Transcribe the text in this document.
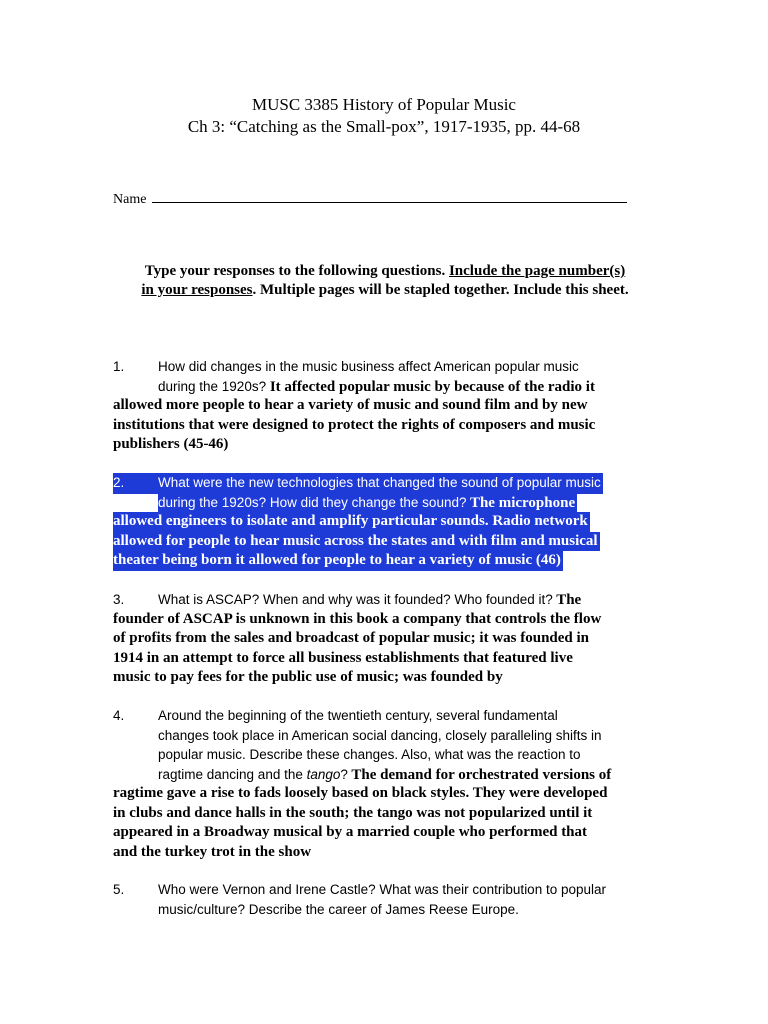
MUSC 3385 History of Popular Music
Ch 3: “Catching as the Small-pox”, 1917-1935, pp. 44-68
Name
Type your responses to the following questions. Include the page number(s)
in your responses. Multiple pages will be stapled together. Include this sheet.
1. How did changes in the music business affect American popular music
during the 1920s? It affected popular music by because of the radio it
allowed more people to hear a variety of music and sound film and by new
institutions that were designed to protect the rights of composers and music
publishers (45-46)
2. What were the new technologies that changed the sound of popular music
during the 1920s? How did they change the sound? The microphone
allowed engineers to isolate and amplify particular sounds. Radio network
allowed for people to hear music across the states and with film and musical
theater being born it allowed for people to hear a variety of music (46)
3. What is ASCAP? When and why was it founded? Who founded it? The
founder of ASCAP is unknown in this book a company that controls the flow
of profits from the sales and broadcast of popular music; it was founded in
1914 in an attempt to force all business establishments that featured live
music to pay fees for the public use of music; was founded by
4. Around the beginning of the twentieth century, several fundamental
changes took place in American social dancing, closely paralleling shifts in
popular music. Describe these changes. Also, what was the reaction to
ragtime dancing and the tango? The demand for orchestrated versions of
ragtime gave a rise to fads loosely based on black styles. They were developed
in clubs and dance halls in the south; the tango was not popularized until it
appeared in a Broadway musical by a married couple who performed that
and the turkey trot in the show
5. Who were Vernon and Irene Castle? What was their contribution to popular
music/culture? Describe the career of James Reese Europe.
